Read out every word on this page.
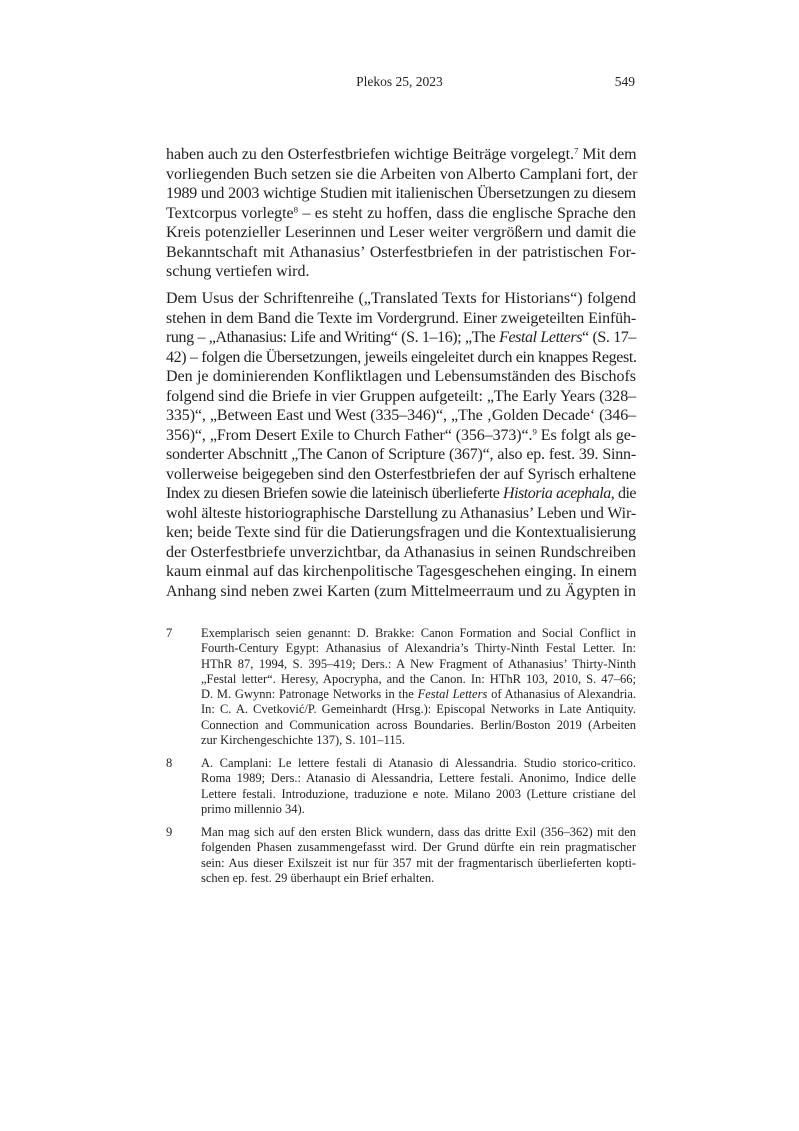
Plekos 25, 2023	549
haben auch zu den Osterfestbriefen wichtige Beiträge vorgelegt.$^7$ Mit dem
vorliegenden Buch setzen sie die Arbeiten von Alberto Camplani fort, der
1989 und 2003 wichtige Studien mit italienischen Übersetzungen zu diesem
Textcorpus vorlegte$^8$ – es steht zu hoffen, dass die englische Sprache den
Kreis potenzieller Leserinnen und Leser weiter vergrößern und damit die
Bekanntschaft mit Athanasius’ Osterfestbriefen in der patristischen For-
schung vertiefen wird.
Dem Usus der Schriftenreihe („Translated Texts for Historians“) folgend
stehen in dem Band die Texte im Vordergrund. Einer zweigeteilten Einfüh-
rung – „Athanasius: Life and Writing“ (S. 1–16); „The Festal Letters“ (S. 17–
42) – folgen die Übersetzungen, jeweils eingeleitet durch ein knappes Regest.
Den je dominierenden Konfliktlagen und Lebensumständen des Bischofs
folgend sind die Briefe in vier Gruppen aufgeteilt: „The Early Years (328–
335)“, „Between East und West (335–346)“, „The ‚Golden Decade‘ (346–
356)“, „From Desert Exile to Church Father“ (356–373)“.$^9$ Es folgt als ge-
sonderter Abschnitt „The Canon of Scripture (367)“, also ep. fest. 39. Sinn-
vollerweise beigegeben sind den Osterfestbriefen der auf Syrisch erhaltene
Index zu diesen Briefen sowie die lateinisch überlieferte Historia acephala, die
wohl älteste historiographische Darstellung zu Athanasius’ Leben und Wir-
ken; beide Texte sind für die Datierungsfragen und die Kontextualisierung
der Osterfestbriefe unverzichtbar, da Athanasius in seinen Rundschreiben
kaum einmal auf das kirchenpolitische Tagesgeschehen einging. In einem
Anhang sind neben zwei Karten (zum Mittelmeerraum und zu Ägypten in
7 Exemplarisch seien genannt: D. Brakke: Canon Formation and Social Conflict in
Fourth-Century Egypt: Athanasius of Alexandria’s Thirty-Ninth Festal Letter. In:
HThR 87, 1994, S. 395–419; Ders.: A New Fragment of Athanasius’ Thirty-Ninth
„Festal letter“. Heresy, Apocrypha, and the Canon. In: HThR 103, 2010, S. 47–66;
D. M. Gwynn: Patronage Networks in the Festal Letters of Athanasius of Alexandria.
In: C. A. Cvetković/P. Gemeinhardt (Hrsg.): Episcopal Networks in Late Antiquity.
Connection and Communication across Boundaries. Berlin/Boston 2019 (Arbeiten
zur Kirchengeschichte 137), S. 101–115.
8 A. Camplani: Le lettere festali di Atanasio di Alessandria. Studio storico-critico.
Roma 1989; Ders.: Atanasio di Alessandria, Lettere festali. Anonimo, Indice delle
Lettere festali. Introduzione, traduzione e note. Milano 2003 (Letture cristiane del
primo millennio 34).
9 Man mag sich auf den ersten Blick wundern, dass das dritte Exil (356–362) mit den
folgenden Phasen zusammengefasst wird. Der Grund dürfte ein rein pragmatischer
sein: Aus dieser Exilszeit ist nur für 357 mit der fragmentarisch überlieferten kopti-
schen ep. fest. 29 überhaupt ein Brief erhalten.
